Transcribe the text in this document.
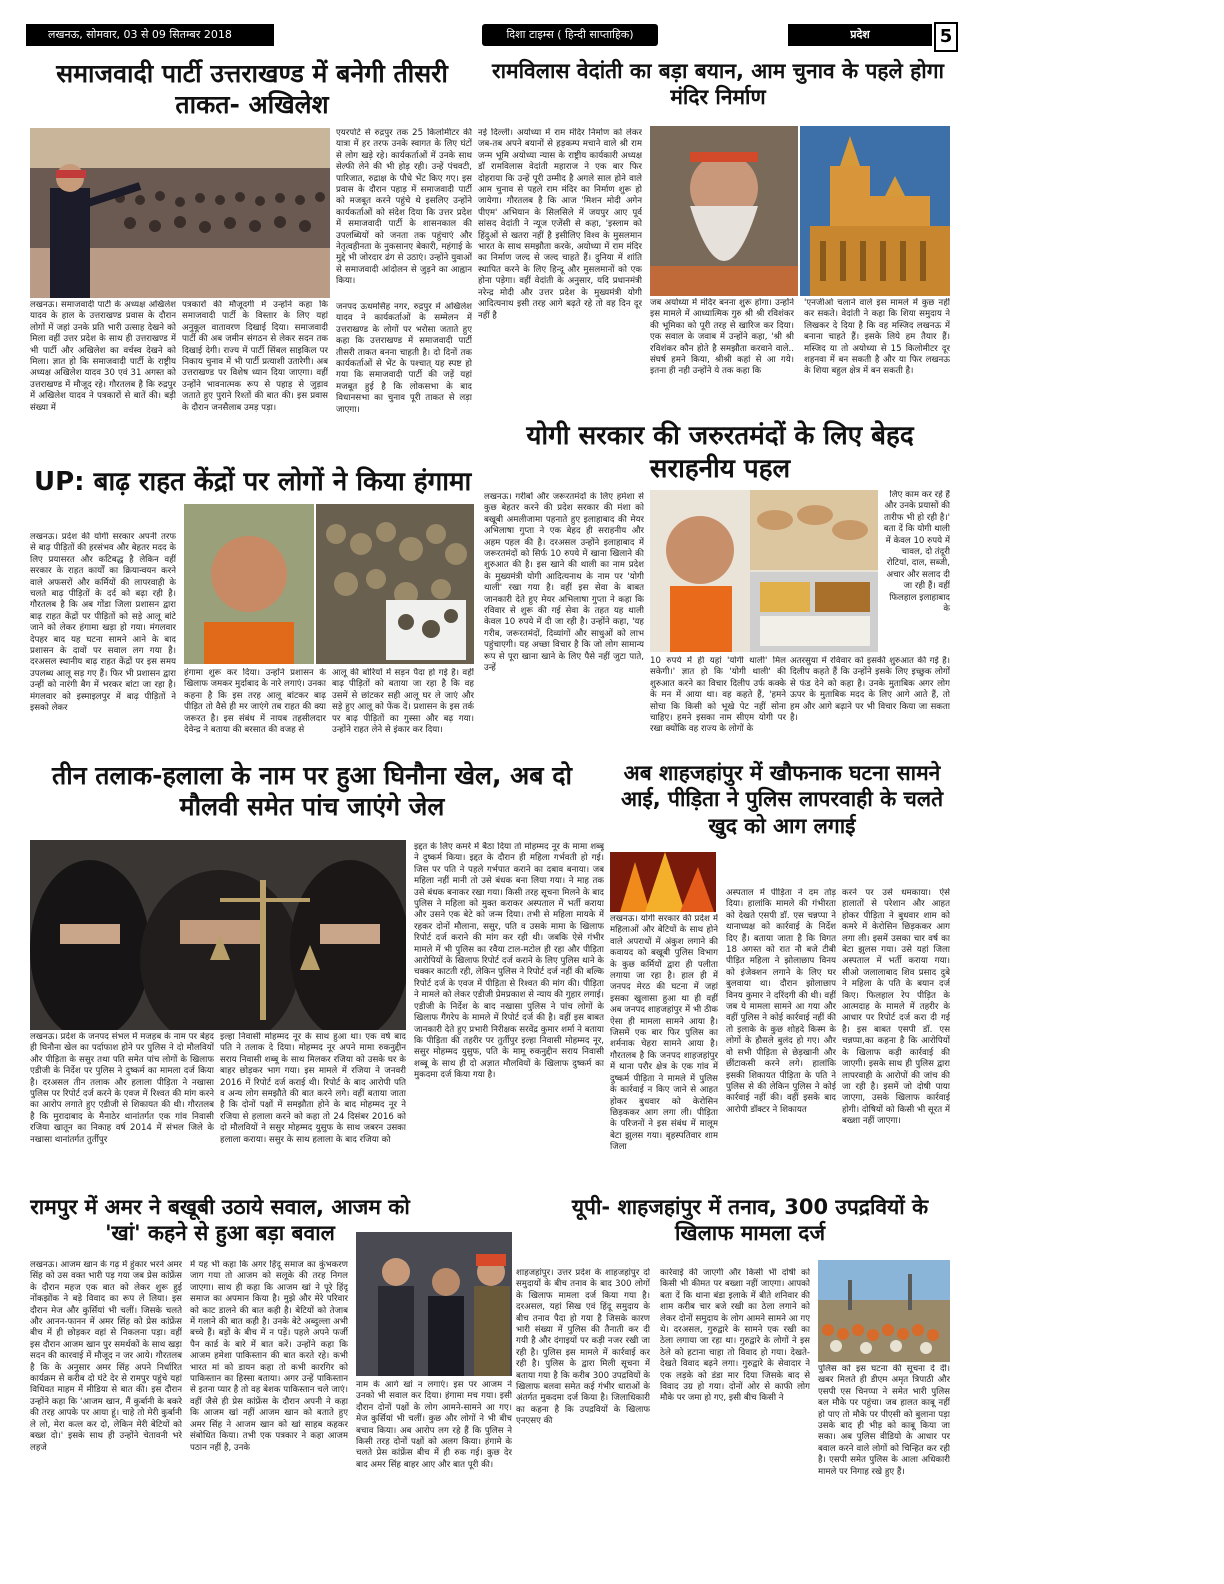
लखनऊ, सोमवार, 03 से 09 सितम्बर 2018	दिशा टाइम्स ( हिन्दी साप्ताहिक)	प्रदेश	5
समाजवादी पार्टी उत्तराखण्ड में बनेगी तीसरी ताकत- अखिलेश
एयरपोर्ट से रुद्रपुर तक 25 किलोमीटर की यात्रा में हर तरफ उनके स्वागत के लिए घंटों से लोग खड़े रहे। कार्यकर्ताओं में उनके साथ सेल्फी लेने की भी होड़ रही। उन्हें पंचवटी, पारिजात, रुद्राक्ष के पौधे भेंट किए गए। इस प्रवास के दौरान पहाड़ में समाजवादी पार्टी को मजबूत करने पहुंचे थे इसलिए उन्होंने कार्यकर्ताओं को संदेश दिया कि उत्तर प्रदेश में समाजवादी पार्टी के शासनकाल की उपलब्धियों को जनता तक पहुंचाएं और नेतृत्वहीनता के नुकसानए बेकारी, महंगाई के मुद्दे भी जोरदार ढंग से उठाएं। उन्होंने युवाओं से समाजवादी आंदोलन से जुड़ने का आह्वान किया।
लखनऊ। समाजवादी पार्टी के अध्यक्ष अखिलेश यादव के हाल के उत्तराखण्ड प्रवास के दौरान लोगों में जहां उनके प्रति भारी उत्साह देखने को मिला वहीं उत्तर प्रदेश के साथ ही उत्तराखण्ड में भी पार्टी और अखिलेश का वर्चस्व देखने को मिला। ज्ञात हो कि समाजवादी पार्टी के राष्ट्रीय अध्यक्ष अखिलेश यादव 30 एवं 31 अगस्त को उत्तराखण्ड में मौजूद रहे। गौरतलब है कि रुद्रपुर में अखिलेश यादव ने पत्रकारों से बातें की। बड़ी संख्या में
पत्रकारों की मौजूदगी में उन्होंने कहा कि समाजवादी पार्टी के विस्तार के लिए यहां अनुकूल वातावरण दिखाई दिया। समाजवादी पार्टी की अब जमीन संगठन से लेकर सदन तक दिखाई देगी। राज्य में पार्टी सिंबल साइकिल पर निकाय चुनाव में भी पार्टी प्रत्याशी उतारेगी। अब उत्तराखण्ड पर विशेष ध्यान दिया जाएगा। वहीं उन्होंने भावनात्मक रूप से पहाड़ से जुड़ाव जताते हुए पुराने रिश्तों की बात की। इस प्रवास के दौरान जनसैलाब उमड़ पड़ा।
जनपद ऊधमसिंह नगर, रुद्रपुर में अखिलेश यादव ने कार्यकर्ताओं के सम्मेलन में उत्तराखण्ड के लोगों पर भरोसा जताते हुए कहा कि उत्तराखण्ड में समाजवादी पार्टी तीसरी ताकत बनना चाहती है। दो दिनों तक कार्यकर्ताओं से भेंट के पश्चात् यह स्पष्ट हो गया कि समाजवादी पार्टी की जड़ें यहां मजबूत हुई है कि लोकसभा के बाद विधानसभा का चुनाव पूरी ताकत से लड़ा जाएगा।
रामविलास वेदांती का बड़ा बयान, आम चुनाव के पहले होगा मंदिर निर्माण
नई दिल्ली। अयोध्या में राम मंदिर निर्माण को लेकर जब-तब अपने बयानों से हड़कम्प मचाने वाले श्री राम जन्म भूमि अयोध्या न्यास के राष्ट्रीय कार्यकारी अध्यक्ष डॉ रामविलास वेदांती महाराज ने एक बार फिर दोहराया कि उन्हें पूरी उम्मीद है अगले साल होने वाले आम चुनाव से पहले राम मंदिर का निर्माण शुरू हो जायेगा। गौरतलब है कि आज 'मिशन मोदी अगेन पीएम' अभियान के सिलसिले में जयपुर आए पूर्व सांसद वेदांती ने न्यूज एजेंसी से कहा, 'इस्लाम को हिंदुओं से खतरा नहीं है इसीलिए विश्व के मुसलमान भारत के साथ समझौता करके, अयोध्या में राम मंदिर का निर्माण जल्द से जल्द चाहते हैं। दुनिया में शांति स्थापित करने के लिए हिन्दू और मुसलमानों को एक होना पड़ेगा। वहीं वेदांती के अनुसार, यदि प्रधानमंत्री नरेन्द्र मोदी और उत्तर प्रदेश के मुख्यमंत्री योगी आदित्यनाथ इसी तरह आगे बढ़ते रहे तो वह दिन दूर नहीं है
जब अयोध्या में मंदिर बनना शुरू होगा। उन्होंने इस मामले में आध्यात्मिक गुरु श्री श्री रविशंकर की भूमिका को पूरी तरह से खारिज कर दिया। एक सवाल के जवाब में उन्होंने कहा, 'श्री श्री रविशंकर कौन होते है समझौता करवाने वाले.. संघर्ष हमने किया, श्रीश्री कहां से आ गये। इतना ही नही उन्होंने ये तक कहा कि
'एनजीओ चलाने वाले इस मामले में कुछ नहीं कर सकते। वेदांती ने कहा कि शिया समुदाय ने लिखकर दे दिया है कि वह मस्जिद लखनऊ में बनाना चाहते हैं। इसके लिये हम तैयार हैं। मस्जिद या तो अयोध्या से 15 किलोमीटर दूर शहनवा में बन सकती है और या फिर लखनऊ के शिया बहुल क्षेत्र में बन सकती है।
UP: बाढ़ राहत केंद्रों पर लोगों ने किया हंगामा
लखनऊ। प्रदेश की योगी सरकार अपनी तरफ से बाढ़ पीड़ितों की हरसंभव और बेहतर मदद के लिए प्रयासरत और कटिबद्ध है लेकिन वहीं सरकार के राहत कार्यों का क्रियान्वयन करने वाले अफसरों और कर्मियों की लापरवाही के चलते बाढ़ पीड़ितों के दर्द को बढ़ा रही है। गौरतलब है कि अब गोंडा जिला प्रशासन द्वारा बाढ़ राहत केंद्रों पर पीड़ितों को सड़े आलू बांटे जाने को लेकर हंगामा खड़ा हो गया। मंगलवार देपहर बाद यह घटना सामने आने के बाद प्रशासन के दावों पर सवाल लग गया है। दरअसल स्थानीय बाढ़ राहत केंद्रों पर इस समय उपलब्ध आलू सड़ गए हैं। फिर भी प्रशासन द्वारा उन्हीं को नारंगी बैग में भरकर बांटा जा रहा है। मंगलवार को इस्माइलपुर में बाढ़ पीड़ितों ने इसको लेकर
हंगामा शुरू कर दिया। उन्होंने प्रशासन के खिलाफ जमकर मुर्दाबाद के नारे लगाएं। उनका कहना है कि इस तरह आलू बांटकर बाढ़ पीड़ित तो वैसे ही मर जाएंगे तब राहत की क्या जरूरत है। इस संबंध में नायब तहसीलदार देवेन्द्र ने बताया की बरसात की वजह से
आलू की बोरियों में सड़न पैदा हो गई है। वहीं बाढ़ पीड़ितों को बताया जा रहा है कि वह उसमें से छांटकर सही आलू घर ले जाएं और सड़े हुए आलू को फेंक दें। प्रशासन के इस तर्क पर बाढ़ पीड़ितों का गुस्सा और बढ़ गया। उन्होंने राहत लेने से इंकार कर दिया।
योगी सरकार की जरुरतमंदों के लिए बेहद सराहनीय पहल
लखनऊ। गरीबों और जरूरतमंदों के लिए हमेशा से कुछ बेहतर करने की प्रदेश सरकार की मंशा को बखूबी अमलीजामा पहनाते हुए इलाहाबाद की मेयर अभिलाषा गुप्ता ने एक बेहद ही सराहनीय और अहम पहल की है। दरअसल उन्होंने इलाहाबाद में जरूरतमंदों को सिर्फ 10 रुपये में खाना खिलाने की शुरुआत की है। इस खाने की थाली का नाम प्रदेश के मुख्यमंत्री योगी आदित्यनाथ के नाम पर 'योगी थाली' रखा गया है। वहीं इस सेवा के बाबत जानकारी देते हुए मेयर अभिलाषा गुप्ता ने कहा कि रविवार से शुरू की गई सेवा के तहत यह थाली केवल 10 रुपये में दी जा रही है। उन्होंने कहा, 'यह गरीब, जरूरतमंदों, दिव्यांगों और साधुओं को लाभ पहुंचाएगी। यह अच्छा विचार है कि जो लोग सामान्य रूप से पूरा खाना खाने के लिए पैसे नहीं जुटा पाते, उन्हें
10 रुपये में ही यहां 'योगी थाली' मिल सकेगी।' ज्ञात हो कि 'योगी थाली' की शुरुआत करने का विचार दिलीप उर्फ कक्के के मन में आया था। वह कहते हैं, 'हमने सोचा कि किसी को भूखे पेट नहीं सोना चाहिए। हमने इसका नाम सीएम योगी पर रखा क्योंकि वह राज्य के लोगों के
लिए काम कर रहे हैं और उनके प्रयासों की तारीफ भी हो रही है।' बता दें कि योगी थाली में केवल 10 रुपये में चावल, दो तंदूरी रोटियां, दाल, सब्जी, अचार और सलाद दी जा रही हैं। वहीं फिलहाल इलाहाबाद के
अतरसुया में रविवार को इसकी शुरुआत की गई है। दिलीप कहते हैं कि उन्होंने इसके लिए इच्छुक लोगों से फंड देने को कहा है। उनके मुताबिक अगर लोग ऊपर के मुताबिक मदद के लिए आगे आते हैं, तो हम और आगे बढ़ाने पर भी विचार किया जा सकता है।
तीन तलाक-हलाला के नाम पर हुआ घिनौना खेल, अब दो मौलवी समेत पांच जाएंगे जेल
इद्दत के लिए कमरे में बैठा दिया तो मोहम्मद नूर के मामा शब्बू ने दुष्कर्म किया। इद्दत के दौरान ही महिला गर्भवती हो गई। जिस पर पति ने पहले गर्भपात कराने का दबाव बनाया। जब महिला नहीं मानी तो उसे बंधक बना लिया गया। ने माह तक उसे बंधक बनाकर रखा गया। किसी तरह सूचना मिलने के बाद पुलिस ने महिला को मुक्त कराकर अस्पताल में भर्ती कराया और उसने एक बेटे को जन्म दिया। तभी से महिला मायके में रहकर दोनों मौलाना, ससुर, पति व उसके मामा के खिलाफ रिपोर्ट दर्ज कराने की मांग कर रही थी। जबकि ऐसे गंभीर मामले में भी पुलिस का रवैया टाल-मटोल ही रहा और पीड़िता आरोपियों के खिलाफ रिपोर्ट दर्ज कराने के लिए पुलिस थाने के चक्कर काटती रही, लेकिन पुलिस ने रिपोर्ट दर्ज नहीं की बल्कि रिपोर्ट दर्ज के एवज में पीड़िता से रिश्वत की मांग की। पीड़िता ने मामले को लेकर एडीजी प्रेमप्रकाश से न्याय की गुहार लगाई। एडीजी के निर्देश के बाद नखासा पुलिस ने पांच लोगों के खिलाफ गैंगरेप के मामले में रिपोर्ट दर्ज की है। वहीं इस बाबत जानकारी देते हुए प्रभारी निरीक्षक सरवेंद्र कुमार शर्मा ने बताया कि पीड़िता की तहरीर पर तुर्तीपुर इल्हा निवासी मोहम्मद नूर, ससुर मोहम्मद युसुफ, पति के मामू रुकनुद्दीन सराय निवासी शब्बू के साथ ही दो अज्ञात मौलवियों के खिलाफ दुष्कर्म का मुकदमा दर्ज किया गया है।
लखनऊ। प्रदेश के जनपद संभल में मजहब के नाम पर बेहद ही घिनौना खेल का पर्दाफाश होने पर पुलिस ने दो मौलवियों और पीड़िता के ससुर तथा पति समेत पांच लोगों के खिलाफ एडीजी के निर्देश पर पुलिस ने दुष्कर्म का मामला दर्ज किया है। दरअसल तीन तलाक और हलाला पीड़िता ने नखासा पुलिस पर रिपोर्ट दर्ज करने के एवज में रिश्वत की मांग करने का आरोप लगाते हुए एडीजी से शिकायत की थी। गौरतलब है कि मुरादाबाद के मैनाठेर थानांतर्गत एक गांव निवासी रजिया खातून का निकाह वर्ष 2014 में संभल जिले के नखासा थानांतर्गत तुर्तीपुर
इल्हा निवासी मोहम्मद नूर के साथ हुआ था। एक वर्ष बाद पति ने तलाक दे दिया। मोहम्मद नूर अपने मामा रुकनुद्दीन सराय निवासी शब्बू के साथ मिलकर रजिया को उसके घर के बाहर छोड़कर भाग गया। इस मामले में रजिया ने जनवरी 2016 में रिपोर्ट दर्ज कराई थी। रिपोर्ट के बाद आरोपी पति व अन्य लोग समझौते की बात करने लगे। वहीं बताया जाता है कि दोनों पक्षों में समझौता होने के बाद मोहम्मद नूर ने रजिया से हलाला करने को कहा तो 24 दिसंबर 2016 को दो मौलवियों ने ससुर मोहम्मद युसुफ के साथ जबरन उसका हलाला कराया। ससुर के साथ हलाला के बाद रजिया को
अब शाहजहांपुर में खौफनाक घटना सामने आई, पीड़िता ने पुलिस लापरवाही के चलते खुद को आग लगाई
लखनऊ। योगी सरकार की प्रदेश में महिलाओं और बेटियों के साथ होने वाले अपराधों में अंकुश लगाने की कवायद को बखूबी पुलिस विभाग के कुछ कर्मियों द्वारा ही पलीता लगाया जा रहा है। हाल ही में जनपद मेरठ की घटना में जहां इसका खुलासा हुआ था ही वहीं अब जनपद शाहजहांपुर में भी ठीक ऐसा ही मामला सामने आया है। जिसमें एक बार फिर पुलिस का शर्मनाक चेहरा सामने आया है। गौरतलब है कि जनपद शाहजहांपुर में थाना परौर क्षेत्र के एक गांव में दुष्कर्म पीड़िता ने मामले में पुलिस के कार्रवाई न किए जाने से आहत होकर बुधवार को केरोसिन छिड़ककर आग लगा ली। पीड़िता के परिजनों ने इस संबंध में मालूम बेटा झुलस गया। बृहस्पतिवार शाम जिला
अस्पताल में पीड़िता ने दम तोड़ दिया। हालांकि मामले की गंभीरता को देखते एसपी डॉ. एस चन्नप्पा ने थानाध्यक्ष को कार्रवाई के निर्देश दिए हैं। बताया जाता है कि विगत 18 अगस्त को रात नौ बजे टीबी पीड़ित महिला ने झोलाछाप विनय को इंजेक्शन लगाने के लिए घर बुलवाया था। दौरान झोलाछाप विनय कुमार ने दरिंदगी की थी। वहीं जब ये मामला सामने आ गया और वहीं पुलिस ने कोई कार्रवाई नहीं की तो इलाके के कुछ शोहदे किस्म के लोगों के हौसले बुलंद हो गए। और वो सभी पीड़िता से छेड़खानी और छींटाकसी करने लगे। हालांकि इसकी शिकायत पीड़िता के पति ने पुलिस से की लेकिन पुलिस ने कोई कार्रवाई नहीं की। वहीं इसके बाद आरोपी डॉक्टर ने शिकायत
करने पर उसे धमकाया। ऐसे हालातों से परेशान और आहत होकर पीड़िता ने बुधवार शाम को कमरे में केरोसिन छिड़ककर आग लगा ली। इसमें उसका चार वर्ष का बेटा झुलस गया। उसे यहां जिला अस्पताल में भर्ती कराया गया। सीओ जलालाबाद शिव प्रसाद दुबे ने महिला के पति के बयान दर्ज किए। फिलहाल रेप पीड़ित के आत्मदाह के मामले में तहरीर के आधार पर रिपोर्ट दर्ज करा दी गई है। इस बाबत एसपी डॉ. एस चन्नप्पा,का कहना है कि आरोपियों के खिलाफ कड़ी कार्रवाई की जाएगी। इसके साथ ही पुलिस द्वारा लापरवाही के आरोपों की जांच की जा रही है। इसमें जो दोषी पाया जाएगा, उसके खिलाफ कार्रवाई होगी। दोषियों को किसी भी सूरत में बख्शा नहीं जाएगा।
रामपुर में अमर ने बखूबी उठाये सवाल, आजम को 'खां' कहने से हुआ बड़ा बवाल
लखनऊ। आजम खान के गढ़ में हुंकार भरने अमर सिंह को उस वक्त भारी पड़ गया जब प्रेस कांफ्रेंस के दौरान महज एक बात को लेकर शुरू हुई नोंकझोंक ने बड़े विवाद का रूप ले लिया। इस दौरान मेज और कुर्सियां भी चलीं। जिसके चलते और आनन-फानन में अमर सिंह को प्रेस कांफ्रेंस बीच में ही छोड़कर वहां से निकलना पड़ा। वहीं इस दौरान आजम खान पुर समर्थकों के साथ खड़ा सदन की कारवाई में मौजूद न जर आये। गौरतलब है कि के अनुसार अमर सिंह अपने निर्धारित कार्यक्रम से करीब दो घंटे देर से रामपुर पहुंचे यहां विधिवत माहम में मीडिया से बात की। इस दौरान उन्होंने कहा कि 'आजम खान, मैं कुर्बानी के बकरे की तरह आपके पर आया हूं। चाहे तो मेरी कुर्बानी ले लो, मेरा कत्ल कर दो, लेकिन मेरी बेटियों को बख्श दो।' इसके साथ ही उन्होंने चेतावनी भरे लहजे
में यह भी कहा कि अगर हिंदू समाज का कुंभकरण जाग गया तो आजम को सलूके की तरह निगल जाएगा। साथ ही कहा कि आजम खां ने पूरे हिंदू समाज का अपमान किया है। मुझे और मेरे परिवार को काट डालने की बात कही है। बेटियों को तेजाब में गलाने की बात कही है। उनके बेटे अब्दुल्ला अभी बच्चे हैं। बड़ों के बीच में न पड़ें। पहले अपने फर्जी पैन कार्ड के बारे में बात करें। उन्होंने कहा कि आजम हमेशा पाकिस्तान की बात करते रहे। कभी भारत मां को डायन कहा तो कभी कारगिर को पाकिस्तान का हिस्सा बताया। अगर उन्हें पाकिस्तान से इतना प्यार है तो वह बेशक पाकिस्तान चले जाएं। वहीं जैसे ही प्रेस कांफ्रेंस के दौरान अपनी ने कहा कि आजम खां नहीं आजम खान को बताते हुए अमर सिंह ने आजम खान को खां साहब कहकर संबोधित किया। तभी एक पत्रकार ने कहा आजम पठान नहीं है, उनके
नाम के आगे खां न लगाएं। इस पर आजम ने उनको भी सवाल कर दिया। हंगामा मच गया। इसी दौरान दोनों पक्षों के लोग आमने-सामने आ गए। मेज कुर्सियां भी चलीं। कुछ और लोगों ने भी बीच बचाव किया। अब आरोप लग रहे हैं कि पुलिस ने किसी तरह दोनों पक्षों को अलग किया। हंगामे के चलते प्रेस कांफ्रेंस बीच में ही रुक गई। कुछ देर बाद अमर सिंह बाहर आए और बात पूरी की।
यूपी- शाहजहांपुर में तनाव, 300 उपद्रवियों के खिलाफ मामला दर्ज
शाहजहांपुर। उत्तर प्रदेश के शाहजहांपुर दो समुदायों के बीच तनाव के बाद 300 लोगों के खिलाफ मामला दर्ज किया गया है। दरअसल, यहां सिख एवं हिंदू समुदाय के बीच तनाव पैदा हो गया है जिसके कारण भारी संख्या में पुलिस की तैनाती कर दी गयी है और दंगाइयों पर कड़ी नजर रखी जा रही है। पुलिस इस मामले में कार्रवाई कर रही है। पुलिस के द्वारा मिली सूचना में बताया गया है कि करीब 300 उपद्रवियों के खिलाफ बलवा समेत कई गंभीर धाराओं के अंतर्गत मुकदमा दर्ज किया है। जिलाधिकारी का कहना है कि उपद्रवियों के खिलाफ एनएसए की
कार्रवाई की जाएगी और किसी भी दोषी को किसी भी कीमत पर बख्शा नहीं जाएगा। आपको बता दें कि थाना बंडा इलाके में बीते शनिवार की शाम करीब चार बजे रखी का ठेला लगाने को लेकर दोनों समुदाय के लोग आमने सामने आ गए थे। दरअसल, गुरुद्वारे के सामने एक रखी का ठेला लगाया जा रहा था। गुरुद्वारे के लोगों ने इस ठेले को हटाना चाहा तो विवाद हो गया। देखते-देखते विवाद बढ़ने लगा। गुरुद्वारे के सेवादार ने एक लड़के को डंडा मार दिया जिसके बाद से विवाद उग्र हो गया। दोनों ओर से काफी लोग मौके पर जमा हो गए, इसी बीच किसी ने
पुलिस को इस घटना की सूचना दे दी। खबर मिलते ही डीएम अमृत त्रिपाठी और एसपी एस चिनप्पा ने समेत भारी पुलिस बल मौके पर पहुंचा। जब हालत काबू नहीं हो पाए तो मौके पर पीएसी को बुलाना पड़ा उसके बाद ही भीड़ को काबू किया जा सका। अब पुलिस वीडियो के आधार पर बवाल करने वाले लोगों को चिन्हित कर रही है। एसपी समेत पुलिस के आला अधिकारी मामले पर निगाह रखे हुए हैं।
